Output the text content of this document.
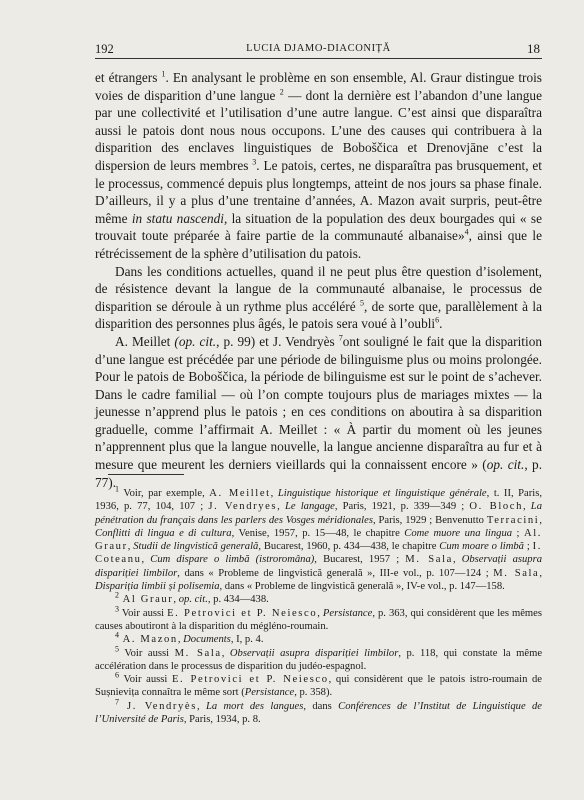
192	LUCIA DJAMO-DIACONIȚĂ	18

et étrangers $^1$. En analysant le problème en son ensemble, Al. Graur distingue trois voies de disparition d’une langue $^2$ — dont la dernière est l’abandon d’une langue par une collectivité et l’utilisation d’une autre langue. C’est ainsi que disparaîtra aussi le patois dont nous nous occupons. L’une des causes qui contribuera à la disparition des enclaves linguistiques de Boboščica et Drenovjāne c’est la dispersion de leurs membres $^3$. Le patois, certes, ne disparaîtra pas brusquement, et le processus, commencé depuis plus longtemps, atteint de nos jours sa phase finale. D’ailleurs, il y a plus d’une trentaine d’années, A. Mazon avait surpris, peut-être même in statu nascendi, la situation de la population des deux bourgades qui « se trouvait toute préparée à faire partie de la communauté albanaise»$^4$, ainsi que le rétrécissement de la sphère d’utilisation du patois.

Dans les conditions actuelles, quand il ne peut plus être question d’isolement, de résistence devant la langue de la communauté albanaise, le processus de disparition se déroule à un rythme plus accéléré $^5$, de sorte que, parallèlement à la disparition des personnes plus âgés, le patois sera voué à l’oubli$^6$.

A. Meillet (op. cit., p. 99) et J. Vendryès $^7$ont souligné le fait que la disparition d’une langue est précédée par une période de bilinguisme plus ou moins prolongée. Pour le patois de Boboščica, la période de bilinguisme est sur le point de s’achever. Dans le cadre familial — où l’on compte toujours plus de mariages mixtes — la jeunesse n’apprend plus le patois ; en ces conditions on aboutira à sa disparition graduelle, comme l’affirmait A. Meillet : « À partir du moment où les jeunes n’apprennent plus que la langue nouvelle, la langue ancienne disparaîtra au fur et à mesure que meurent les derniers vieillards qui la connaissent encore » (op. cit., p. 77).

$^1$ Voir, par exemple, A. Meillet, Linguistique historique et linguistique générale, t. II, Paris, 1936, p. 77, 104, 107 ; J. Vendryes, Le langage, Paris, 1921, p. 339—349 ; O. Bloch, La pénétration du français dans les parlers des Vosges méridionales, Paris, 1929 ; Benvenutto Terracini, Conflitti di lingua e di cultura, Venise, 1957, p. 15—48, le chapitre Come muore una lingua ; Al. Graur, Studii de lingvistică generală, Bucarest, 1960, p. 434—438, le chapitre Cum moare o limbă ; I. Coteanu, Cum dispare o limbă (istroromâna), Bucarest, 1957 ; M. Sala, Observații asupra dispariției limbilor, dans « Probleme de lingvistică generală », III-e vol., p. 107—124 ; M. Sala, Dispariția limbii și polisemia, dans « Probleme de lingvistică generală », IV-e vol., p. 147—158.

$^2$ Al Graur, op. cit., p. 434—438.

$^3$ Voir aussi E. Petrovici et P. Neiesco, Persistance, p. 363, qui considèrent que les mêmes causes aboutiront à la disparition du mégléno-roumain.

$^4$ A. Mazon, Documents, I, p. 4.

$^5$ Voir aussi M. Sala, Observații asupra dispariției limbilor, p. 118, qui constate la même accélération dans le processus de disparition du judéo-espagnol.

$^6$ Voir aussi E. Petrovici et P. Neiesco, qui considèrent que le patois istro-roumain de Sușnievița connaîtra le même sort (Persistance, p. 358).

$^7$ J. Vendryès, La mort des langues, dans Conférences de l’Institut de Linguistique de l’Université de Paris, Paris, 1934, p. 8.
